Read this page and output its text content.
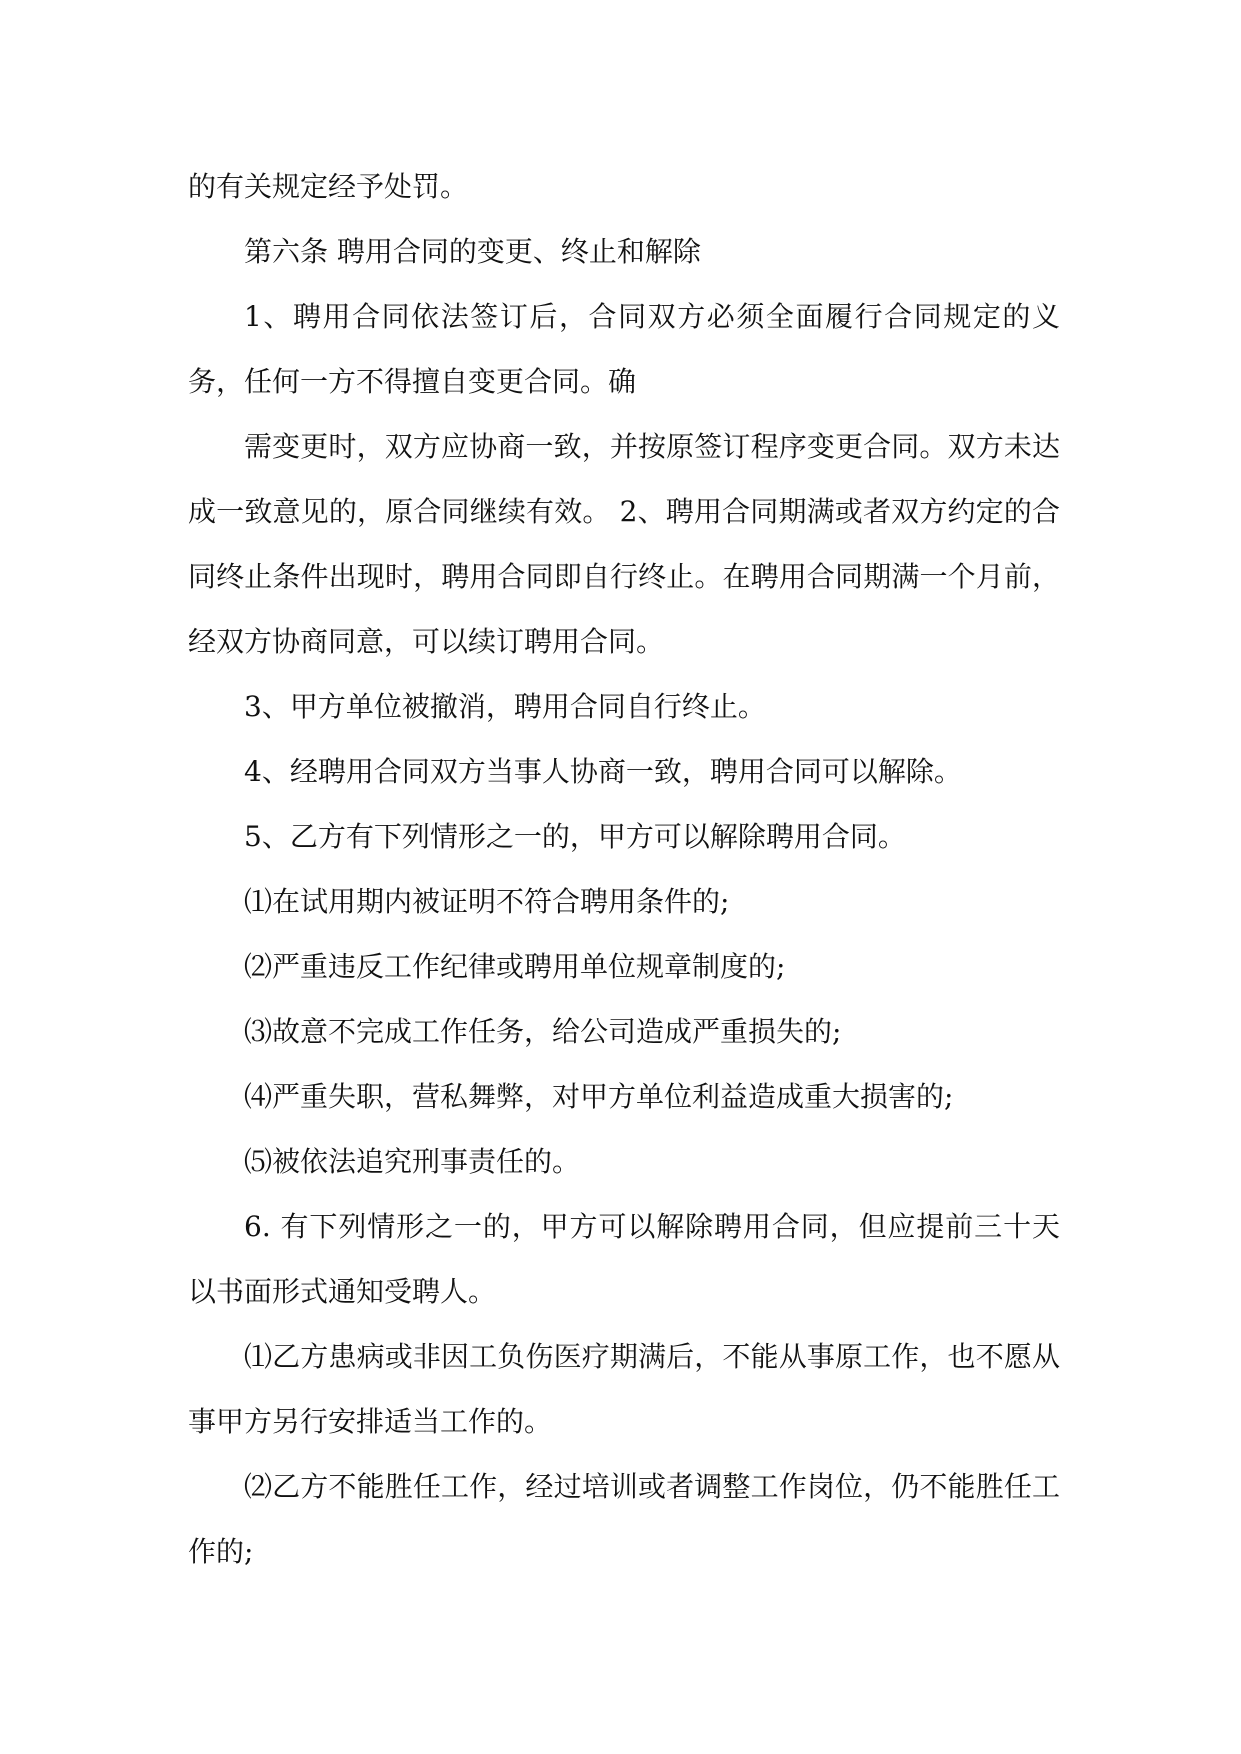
的有关规定经予处罚。

第六条 聘用合同的变更、终止和解除

1、聘用合同依法签订后，合同双方必须全面履行合同规定的义务，任何一方不得擅自变更合同。确

需变更时，双方应协商一致，并按原签订程序变更合同。双方未达成一致意见的，原合同继续有效。 2、聘用合同期满或者双方约定的合同终止条件出现时，聘用合同即自行终止。在聘用合同期满一个月前，经双方协商同意，可以续订聘用合同。

3、甲方单位被撤消，聘用合同自行终止。

4、经聘用合同双方当事人协商一致，聘用合同可以解除。

5、乙方有下列情形之一的，甲方可以解除聘用合同。

⑴在试用期内被证明不符合聘用条件的;

⑵严重违反工作纪律或聘用单位规章制度的;

⑶故意不完成工作任务，给公司造成严重损失的;

⑷严重失职，营私舞弊，对甲方单位利益造成重大损害的;

⑸被依法追究刑事责任的。

6. 有下列情形之一的，甲方可以解除聘用合同，但应提前三十天以书面形式通知受聘人。

⑴乙方患病或非因工负伤医疗期满后，不能从事原工作，也不愿从事甲方另行安排适当工作的。

⑵乙方不能胜任工作，经过培训或者调整工作岗位，仍不能胜任工作的;
